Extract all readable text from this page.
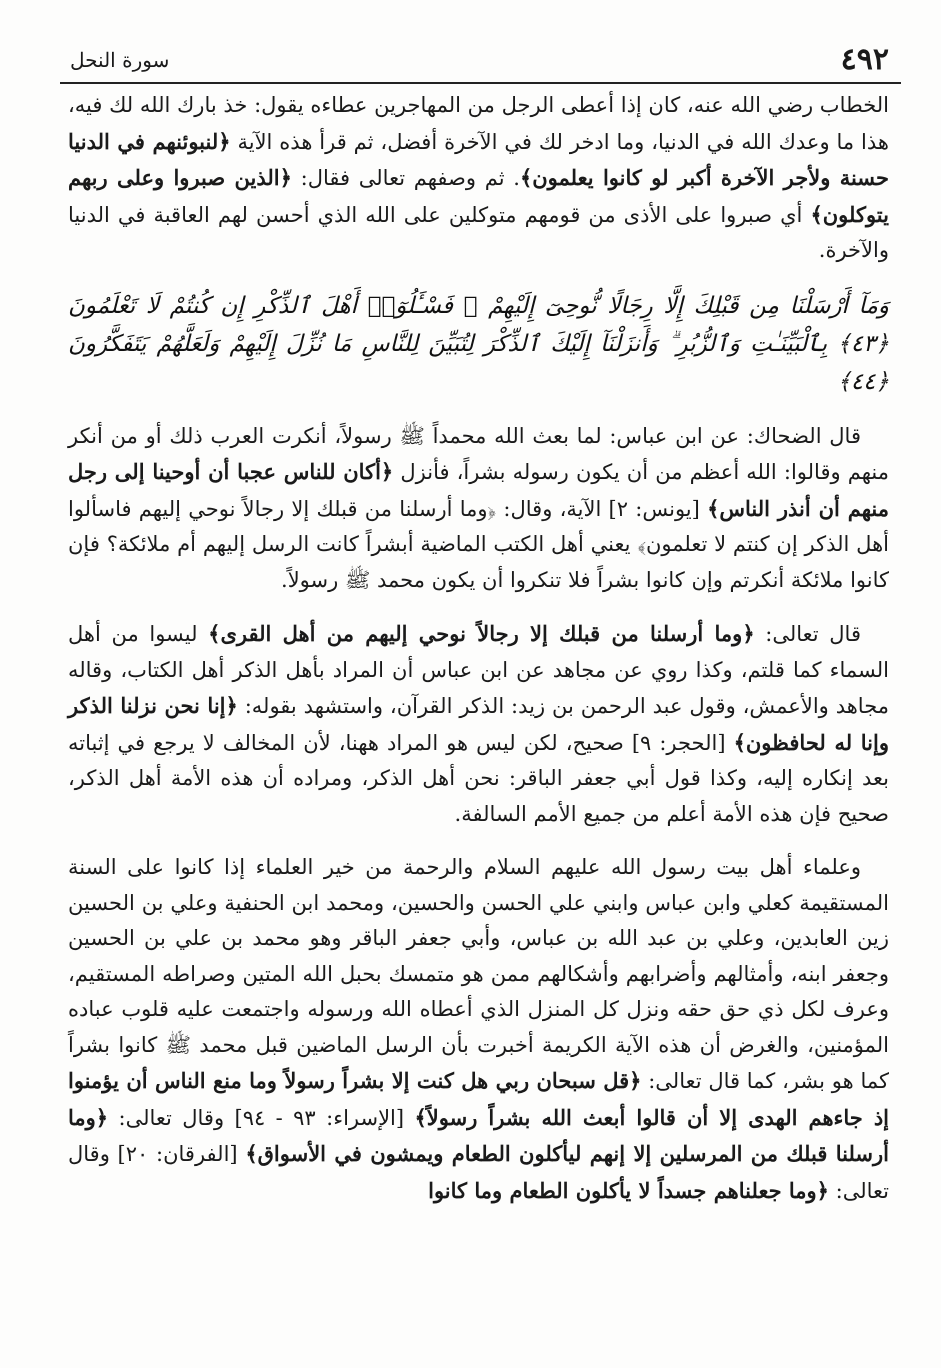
٤٩٢
سورة النحل

الخطاب رضي الله عنه، كان إذا أعطى الرجل من المهاجرين عطاءه يقول: خذ بارك الله لك فيه، هذا ما وعدك الله في الدنيا، وما ادخر لك في الآخرة أفضل، ثم قرأ هذه الآية ﴿لنبوئنهم في الدنيا حسنة ولأجر الآخرة أكبر لو كانوا يعلمون﴾. ثم وصفهم تعالى فقال: ﴿الذين صبروا وعلى ربهم يتوكلون﴾ أي صبروا على الأذى من قومهم متوكلين على الله الذي أحسن لهم العاقبة في الدنيا والآخرة.

وَمَآ أَرْسَلْنَا مِن قَبْلِكَ إِلَّا رِجَالًا نُّوحِىٓ إِلَيْهِمْ ۚ فَسْـَٔلُوٓا۟ أَهْلَ ٱلذِّكْرِ إِن كُنتُمْ لَا تَعْلَمُونَ ﴿٤٣﴾ بِٱلْبَيِّنَـٰتِ وَٱلزُّبُرِ ۗ وَأَنزَلْنَآ إِلَيْكَ ٱلذِّكْرَ لِتُبَيِّنَ لِلنَّاسِ مَا نُزِّلَ إِلَيْهِمْ وَلَعَلَّهُمْ يَتَفَكَّرُونَ ﴿٤٤﴾

قال الضحاك: عن ابن عباس: لما بعث الله محمداً ﷺ رسولاً، أنكرت العرب ذلك أو من أنكر منهم وقالوا: الله أعظم من أن يكون رسوله بشراً، فأنزل ﴿أكان للناس عجبا أن أوحينا إلى رجل منهم أن أنذر الناس﴾ [يونس: ٢] الآية، وقال: ﴿وما أرسلنا من قبلك إلا رجالاً نوحي إليهم فاسألوا أهل الذكر إن كنتم لا تعلمون﴾ يعني أهل الكتب الماضية أبشراً كانت الرسل إليهم أم ملائكة؟ فإن كانوا ملائكة أنكرتم وإن كانوا بشراً فلا تنكروا أن يكون محمد ﷺ رسولاً.

قال تعالى: ﴿وما أرسلنا من قبلك إلا رجالاً نوحي إليهم من أهل القرى﴾ ليسوا من أهل السماء كما قلتم، وكذا روي عن مجاهد عن ابن عباس أن المراد بأهل الذكر أهل الكتاب، وقاله مجاهد والأعمش، وقول عبد الرحمن بن زيد: الذكر القرآن، واستشهد بقوله: ﴿إنا نحن نزلنا الذكر وإنا له لحافظون﴾ [الحجر: ٩] صحيح، لكن ليس هو المراد ههنا، لأن المخالف لا يرجع في إثباته بعد إنكاره إليه، وكذا قول أبي جعفر الباقر: نحن أهل الذكر، ومراده أن هذه الأمة أهل الذكر، صحيح فإن هذه الأمة أعلم من جميع الأمم السالفة.

وعلماء أهل بيت رسول الله عليهم السلام والرحمة من خير العلماء إذا كانوا على السنة المستقيمة كعلي وابن عباس وابني علي الحسن والحسين، ومحمد ابن الحنفية وعلي بن الحسين زين العابدين، وعلي بن عبد الله بن عباس، وأبي جعفر الباقر وهو محمد بن علي بن الحسين وجعفر ابنه، وأمثالهم وأضرابهم وأشكالهم ممن هو متمسك بحبل الله المتين وصراطه المستقيم، وعرف لكل ذي حق حقه ونزل كل المنزل الذي أعطاه الله ورسوله واجتمعت عليه قلوب عباده المؤمنين، والغرض أن هذه الآية الكريمة أخبرت بأن الرسل الماضين قبل محمد ﷺ كانوا بشراً كما هو بشر، كما قال تعالى: ﴿قل سبحان ربي هل كنت إلا بشراً رسولاً وما منع الناس أن يؤمنوا إذ جاءهم الهدى إلا أن قالوا أبعث الله بشراً رسولاً﴾ [الإسراء: ٩٣ - ٩٤] وقال تعالى: ﴿وما أرسلنا قبلك من المرسلين إلا إنهم ليأكلون الطعام ويمشون في الأسواق﴾ [الفرقان: ٢٠] وقال تعالى: ﴿وما جعلناهم جسداً لا يأكلون الطعام وما كانوا
